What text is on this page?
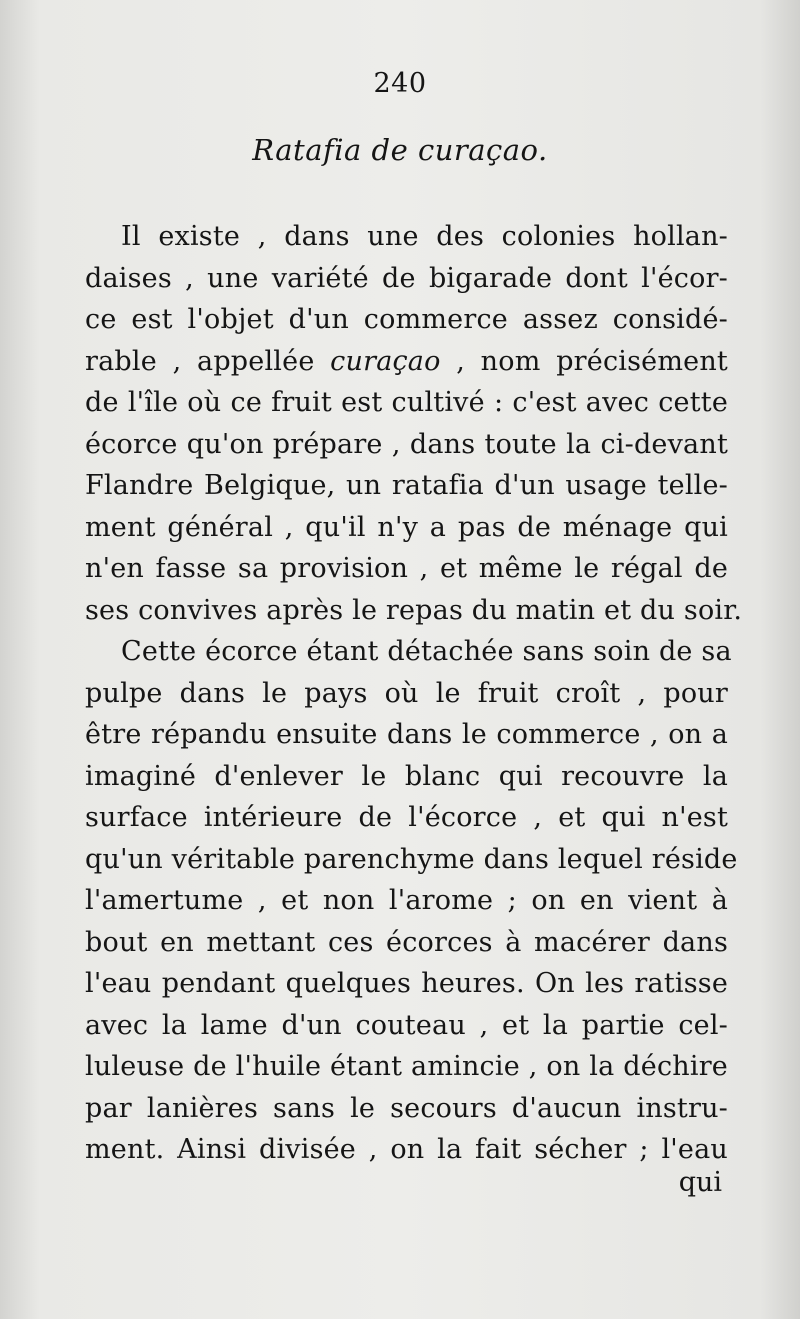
240
Ratafia de curaçao.
Il existe , dans une des colonies hollan-
daises , une variété de bigarade dont l'écor-
ce est l'objet d'un commerce assez considé-
rable , appellée curaçao , nom précisément
de l'île où ce fruit est cultivé : c'est avec cette
écorce qu'on prépare , dans toute la ci-devant
Flandre Belgique, un ratafia d'un usage telle-
ment général , qu'il n'y a pas de ménage qui
n'en fasse sa provision , et même le régal de
ses convives après le repas du matin et du soir.
Cette écorce étant détachée sans soin de sa
pulpe dans le pays où le fruit croît , pour
être répandu ensuite dans le commerce , on a
imaginé d'enlever le blanc qui recouvre la
surface intérieure de l'écorce , et qui n'est
qu'un véritable parenchyme dans lequel réside
l'amertume , et non l'arome ; on en vient à
bout en mettant ces écorces à macérer dans
l'eau pendant quelques heures. On les ratisse
avec la lame d'un couteau , et la partie cel-
luleuse de l'huile étant amincie , on la déchire
par lanières sans le secours d'aucun instru-
ment. Ainsi divisée , on la fait sécher ; l'eau
qui
